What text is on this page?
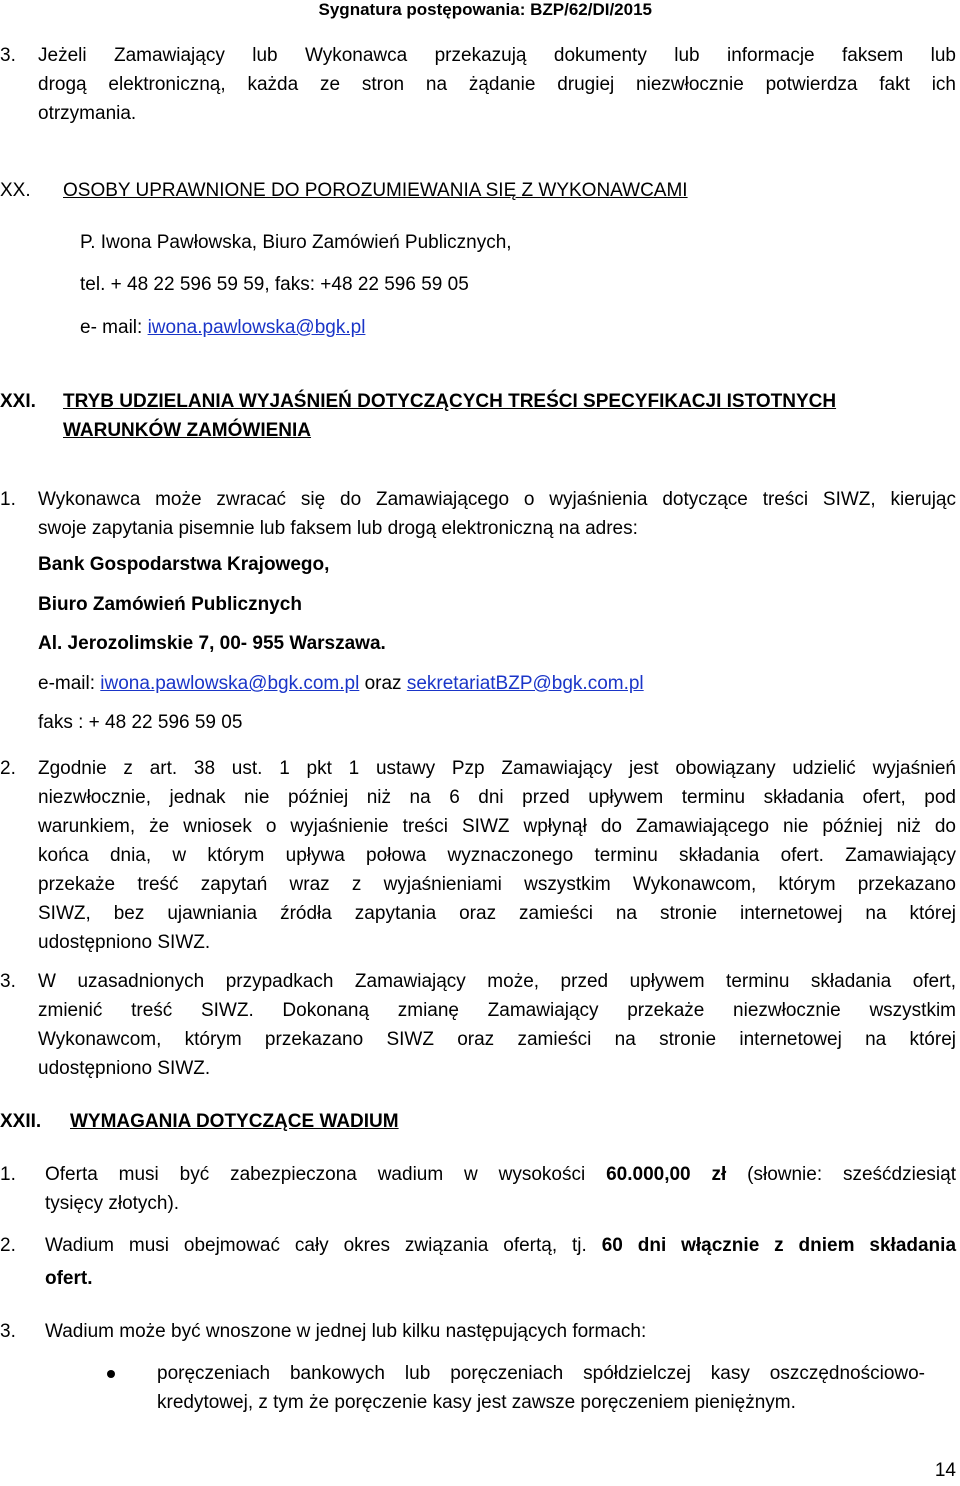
Sygnatura postępowania: BZP/62/DI/2015
3. Jeżeli Zamawiający lub Wykonawca przekazują dokumenty lub informacje faksem lub
drogą elektroniczną, każda ze stron na żądanie drugiej niezwłocznie potwierdza fakt ich
otrzymania.
XX. OSOBY UPRAWNIONE DO POROZUMIEWANIA SIĘ Z WYKONAWCAMI
P. Iwona Pawłowska, Biuro Zamówień Publicznych,
tel. + 48 22 596 59 59, faks: +48 22 596 59 05
e- mail: iwona.pawlowska@bgk.pl
XXI. TRYB UDZIELANIA WYJAŚNIEŃ DOTYCZĄCYCH TREŚCI SPECYFIKACJI ISTOTNYCH
WARUNKÓW ZAMÓWIENIA
1. Wykonawca może zwracać się do Zamawiającego o wyjaśnienia dotyczące treści SIWZ, kierując
swoje zapytania pisemnie lub faksem lub drogą elektroniczną na adres:
Bank Gospodarstwa Krajowego,
Biuro Zamówień Publicznych
Al. Jerozolimskie 7, 00- 955 Warszawa.
e-mail: iwona.pawlowska@bgk.com.pl oraz sekretariatBZP@bgk.com.pl
faks : + 48 22 596 59 05
2. Zgodnie z art. 38 ust. 1 pkt 1 ustawy Pzp Zamawiający jest obowiązany udzielić wyjaśnień
niezwłocznie, jednak nie później niż na 6 dni przed upływem terminu składania ofert, pod
warunkiem, że wniosek o wyjaśnienie treści SIWZ wpłynął do Zamawiającego nie później niż do
końca dnia, w którym upływa połowa wyznaczonego terminu składania ofert. Zamawiający
przekaże treść zapytań wraz z wyjaśnieniami wszystkim Wykonawcom, którym przekazano
SIWZ, bez ujawniania źródła zapytania oraz zamieści na stronie internetowej na której
udostępniono SIWZ.
3. W uzasadnionych przypadkach Zamawiający może, przed upływem terminu składania ofert,
zmienić treść SIWZ. Dokonaną zmianę Zamawiający przekaże niezwłocznie wszystkim
Wykonawcom, którym przekazano SIWZ oraz zamieści na stronie internetowej na której
udostępniono SIWZ.
XXII. WYMAGANIA DOTYCZĄCE WADIUM
1. Oferta musi być zabezpieczona wadium w wysokości 60.000,00 zł (słownie: sześćdziesiąt
tysięcy złotych).
2. Wadium musi obejmować cały okres związania ofertą, tj. 60 dni włącznie z dniem składania
ofert.
3. Wadium może być wnoszone w jednej lub kilku następujących formach:
poręczeniach bankowych lub poręczeniach spółdzielczej kasy oszczędnościowo-
kredytowej, z tym że poręczenie kasy jest zawsze poręczeniem pieniężnym.
14
